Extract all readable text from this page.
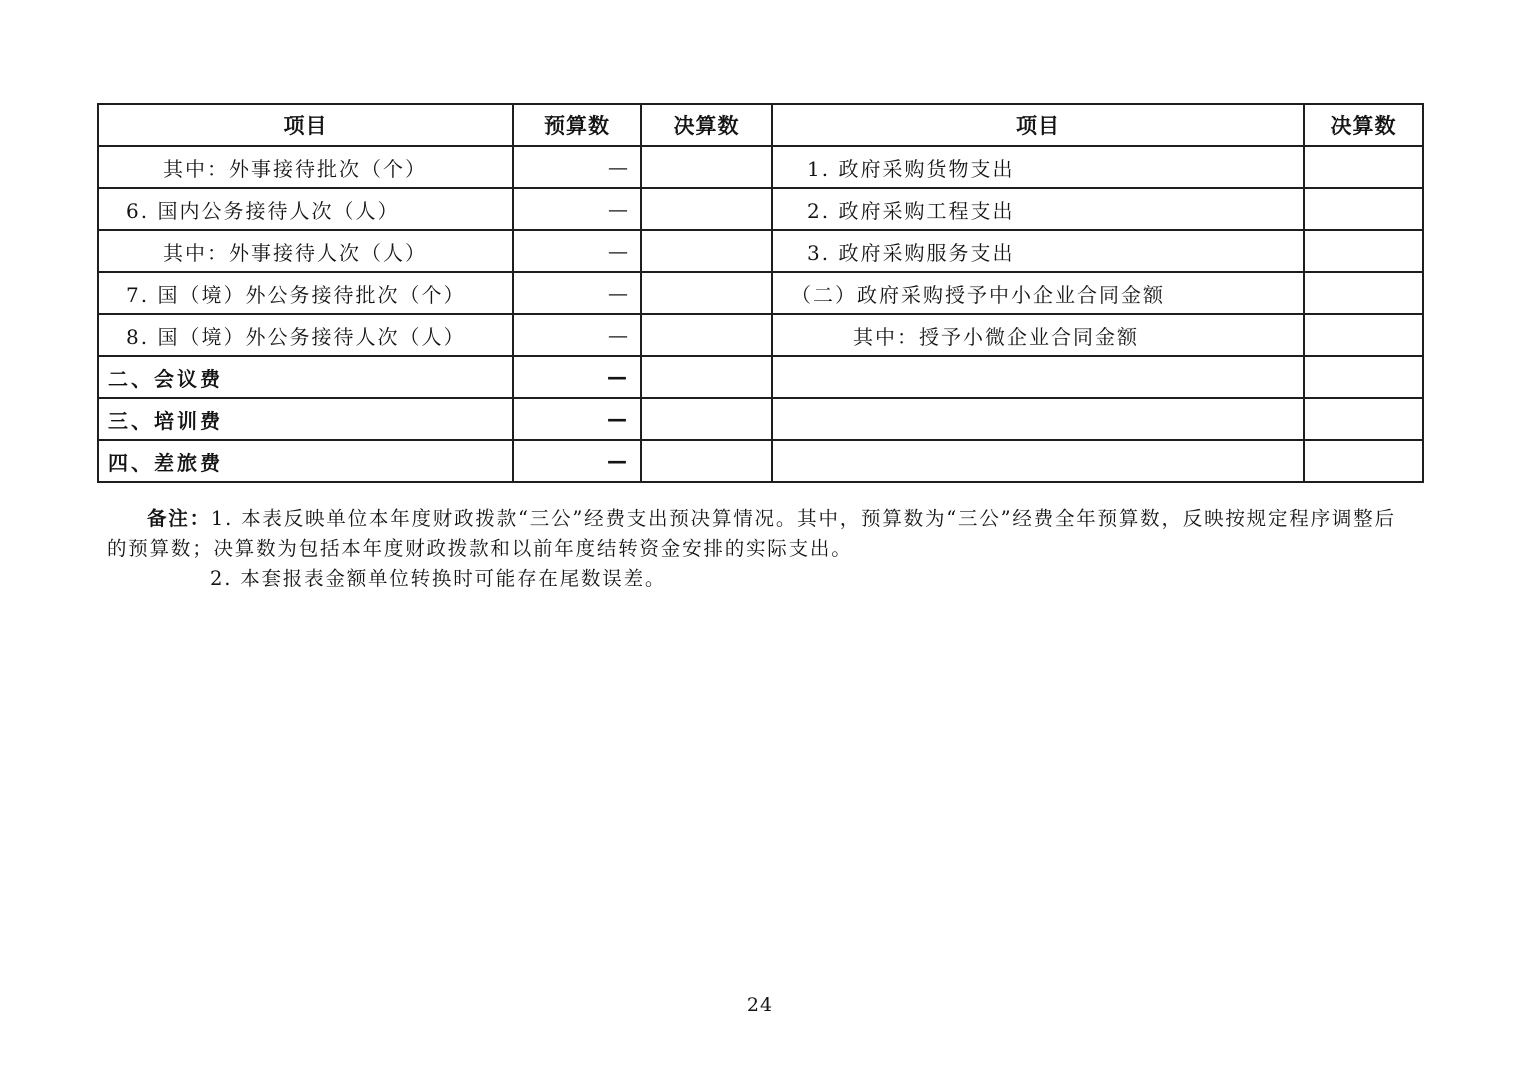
项目	预算数	决算数	项目	决算数
其中：外事接待批次（个）	—		1. 政府采购货物支出	
6. 国内公务接待人次（人）	—		2. 政府采购工程支出	
其中：外事接待人次（人）	—		3. 政府采购服务支出	
7. 国（境）外公务接待批次（个）	—		（二）政府采购授予中小企业合同金额	
8. 国（境）外公务接待人次（人）	—		其中：授予小微企业合同金额	
二、会议费	—			
三、培训费	—			
四、差旅费	—			
备注：1. 本表反映单位本年度财政拨款“三公”经费支出预决算情况。其中，预算数为“三公”经费全年预算数，反映按规定程序调整后
的预算数；决算数为包括本年度财政拨款和以前年度结转资金安排的实际支出。
2. 本套报表金额单位转换时可能存在尾数误差。
24
